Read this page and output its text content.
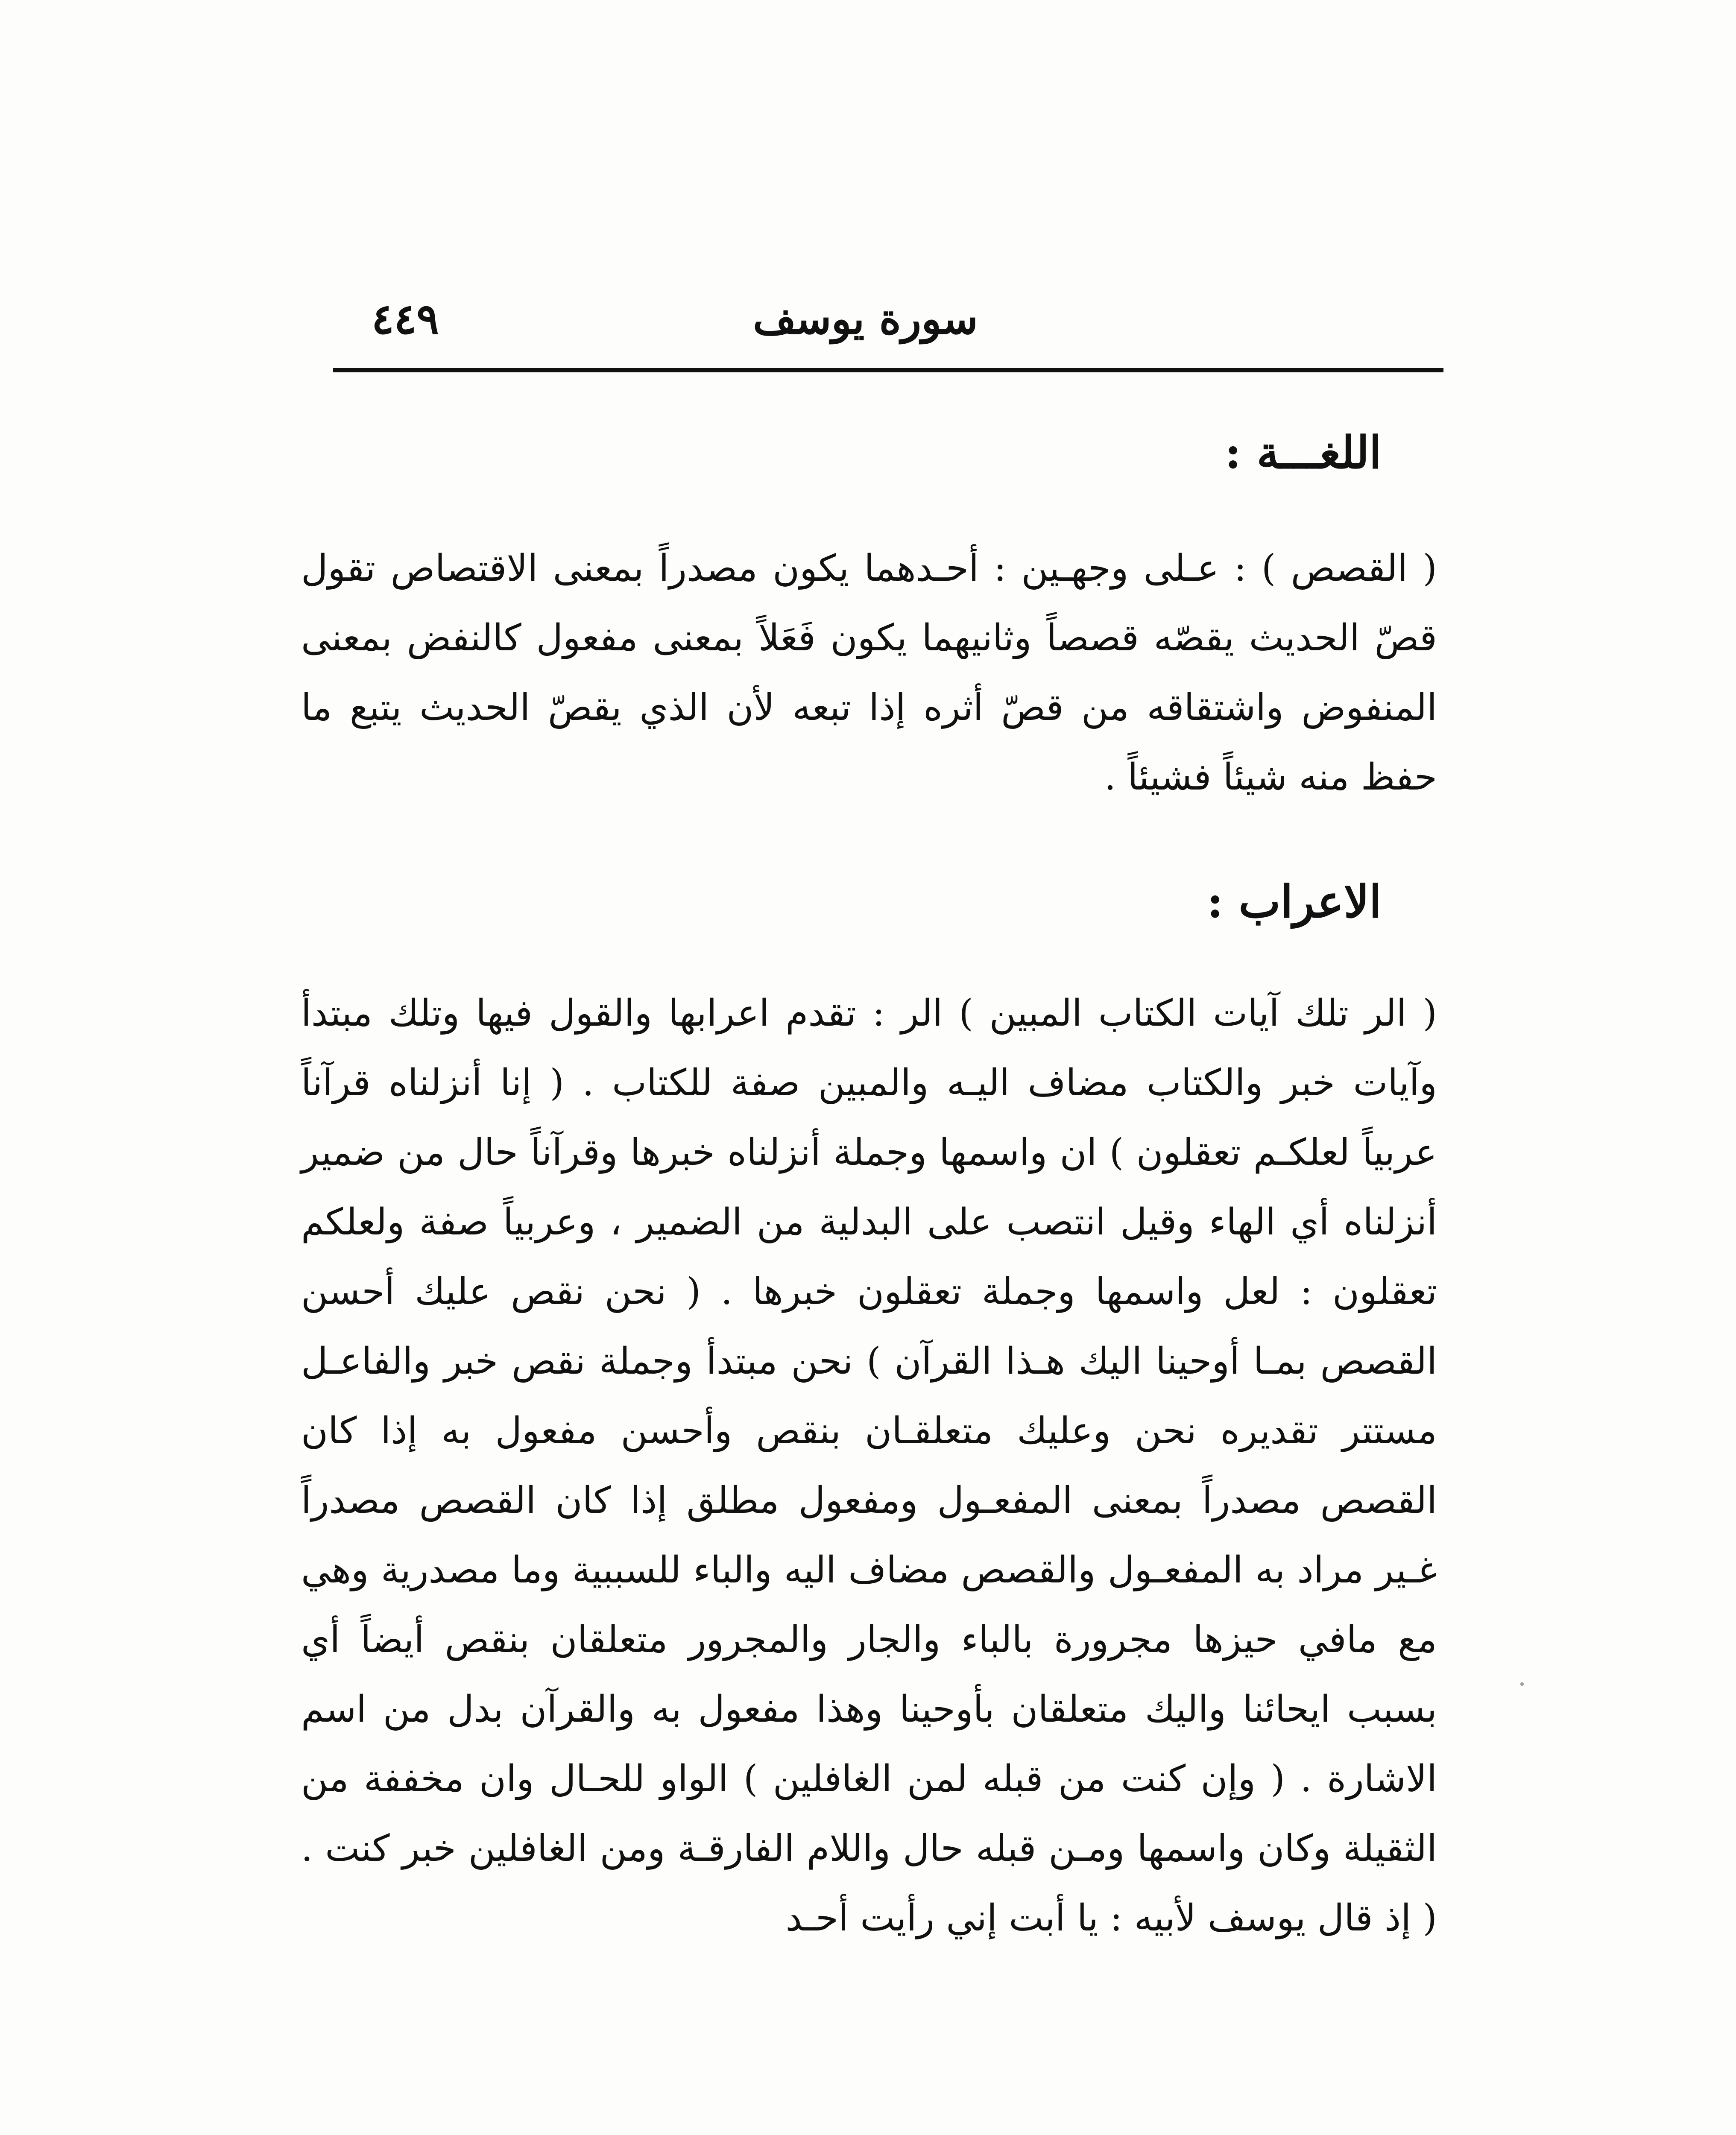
سورة يوسف
٤٤٩
اللغـــة :

( القصص ) : عـلى وجهـين : أحـدهما يكون مصدراً بمعنى الاقتصاص تقول قصّ الحديث يقصّه قصصاً وثانيهما يكون فَعَلاً بمعنى مفعول كالنفض بمعنى المنفوض واشتقاقه من قصّ أثره إذا تبعه لأن الذي يقصّ الحديث يتبع ما حفظ منه شيئاً فشيئاً .

الاعراب :

( الر تلك آيات الكتاب المبين ) الر : تقدم اعرابها والقول فيها وتلك مبتدأ وآيات خبر والكتاب مضاف اليـه والمبين صفة للكتاب . ( إنا أنزلناه قرآناً عربياً لعلكـم تعقلون ) ان واسمها وجملة أنزلناه خبرها وقرآناً حال من ضمير أنزلناه أي الهاء وقيل انتصب على البدلية من الضمير ، وعربياً صفة ولعلكم تعقلون : لعل واسمها وجملة تعقلون خبرها . ( نحن نقص عليك أحسن القصص بمـا أوحينا اليك هـذا القرآن ) نحن مبتدأ وجملة نقص خبر والفاعـل مستتر تقديره نحن وعليك متعلقـان بنقص وأحسن مفعول به إذا كان القصص مصدراً بمعنى المفعـول ومفعول مطلق إذا كان القصص مصدراً غـير مراد به المفعـول والقصص مضاف اليه والباء للسببية وما مصدرية وهي مع مافي حيزها مجرورة بالباء والجار والمجرور متعلقان بنقص أيضاً أي بسبب ايحائنا واليك متعلقان بأوحينا وهذا مفعول به والقرآن بدل من اسم الاشارة . ( وإن كنت من قبله لمن الغافلين ) الواو للحـال وان مخففة من الثقيلة وكان واسمها ومـن قبله حال واللام الفارقـة ومن الغافلين خبر كنت . ( إذ قال يوسف لأبيه : يا أبت إني رأيت أحـد
